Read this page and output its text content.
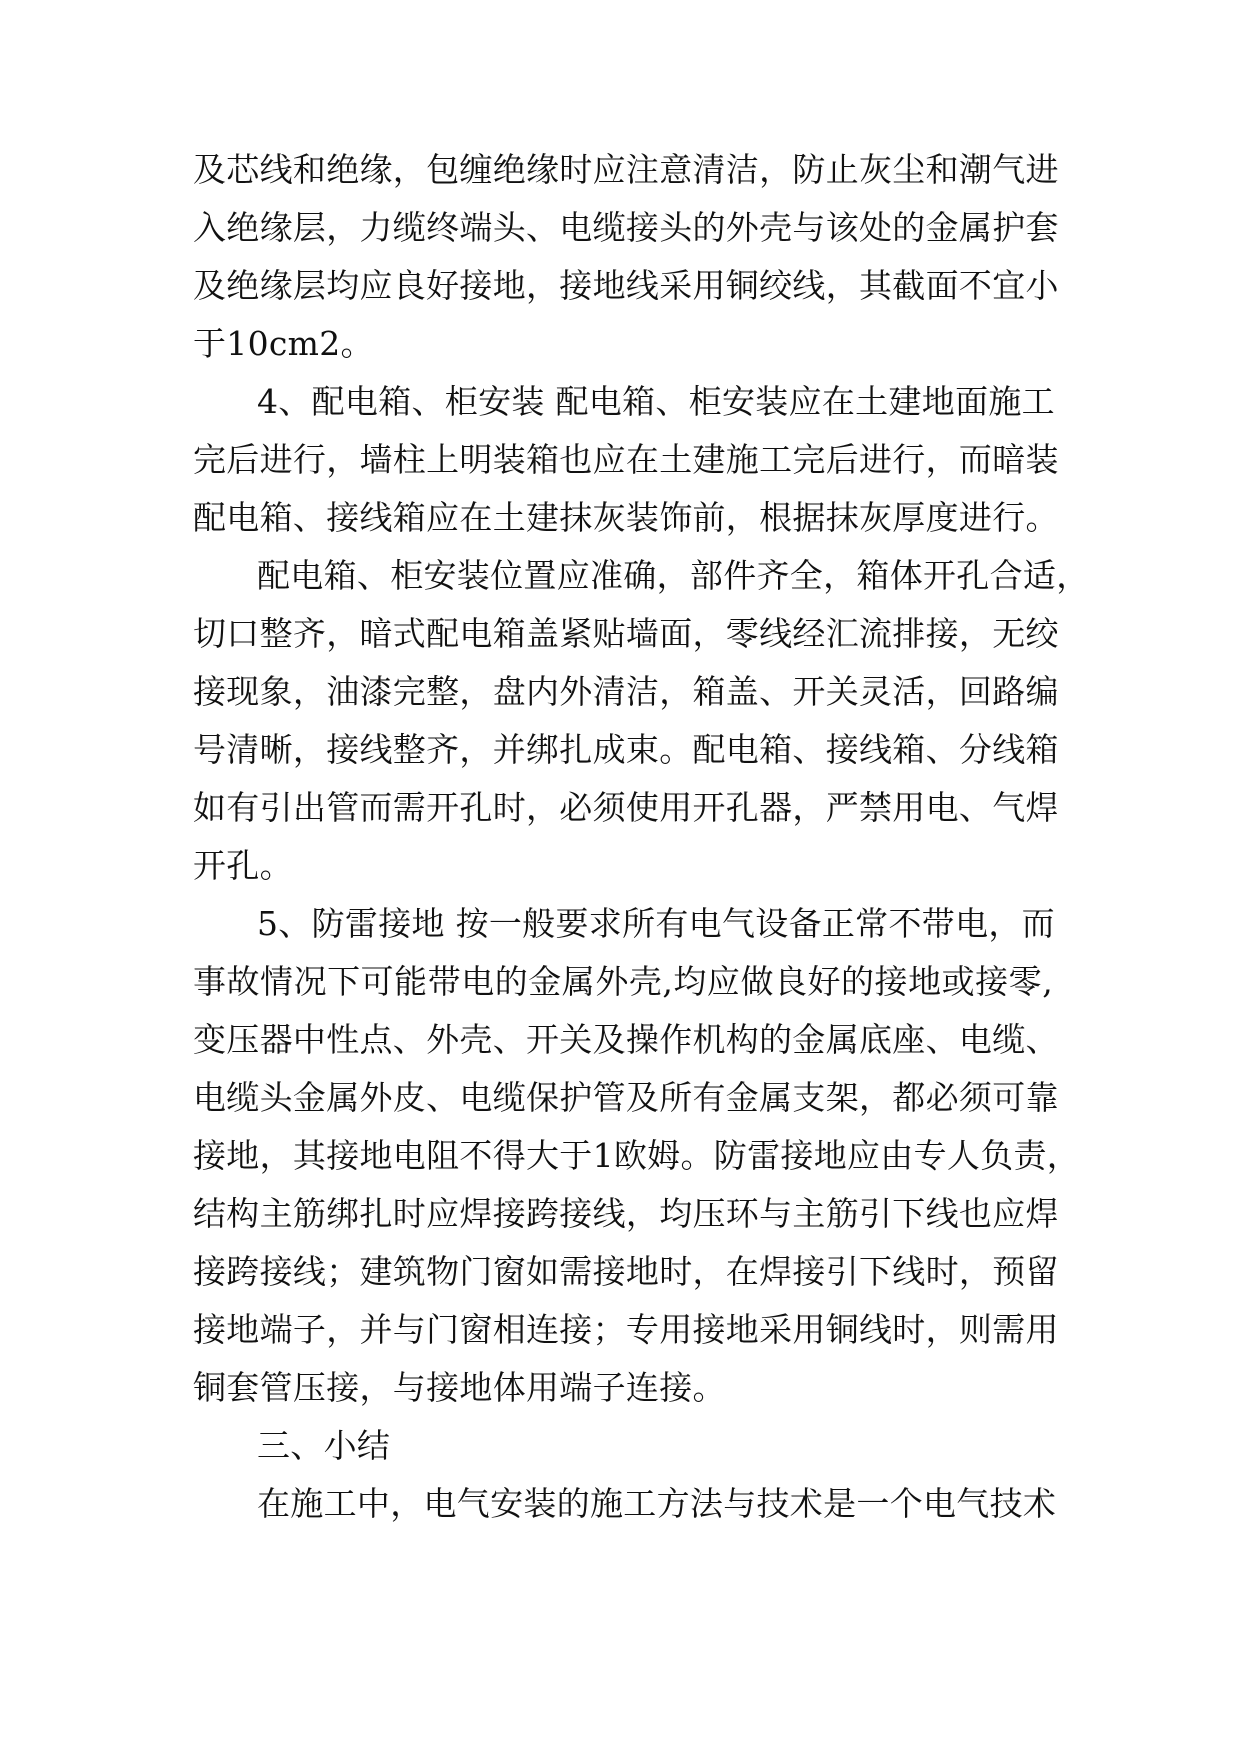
及芯线和绝缘，包缠绝缘时应注意清洁，防止灰尘和潮气进
入绝缘层，力缆终端头、电缆接头的外壳与该处的金属护套
及绝缘层均应良好接地，接地线采用铜绞线，其截面不宜小
于10cm2。
4、配电箱、柜安装 配电箱、柜安装应在土建地面施工
完后进行，墙柱上明装箱也应在土建施工完后进行，而暗装
配电箱、接线箱应在土建抹灰装饰前，根据抹灰厚度进行。
配电箱、柜安装位置应准确，部件齐全，箱体开孔合适，
切口整齐，暗式配电箱盖紧贴墙面，零线经汇流排接，无绞
接现象，油漆完整，盘内外清洁，箱盖、开关灵活，回路编
号清晰，接线整齐，并绑扎成束。配电箱、接线箱、分线箱
如有引出管而需开孔时，必须使用开孔器，严禁用电、气焊
开孔。
5、防雷接地 按一般要求所有电气设备正常不带电，而
事故情况下可能带电的金属外壳,均应做良好的接地或接零,
变压器中性点、外壳、开关及操作机构的金属底座、电缆、
电缆头金属外皮、电缆保护管及所有金属支架，都必须可靠
接地，其接地电阻不得大于1欧姆。防雷接地应由专人负责，
结构主筋绑扎时应焊接跨接线，均压环与主筋引下线也应焊
接跨接线；建筑物门窗如需接地时，在焊接引下线时，预留
接地端子，并与门窗相连接；专用接地采用铜线时，则需用
铜套管压接，与接地体用端子连接。
三、小结
在施工中，电气安装的施工方法与技术是一个电气技术
